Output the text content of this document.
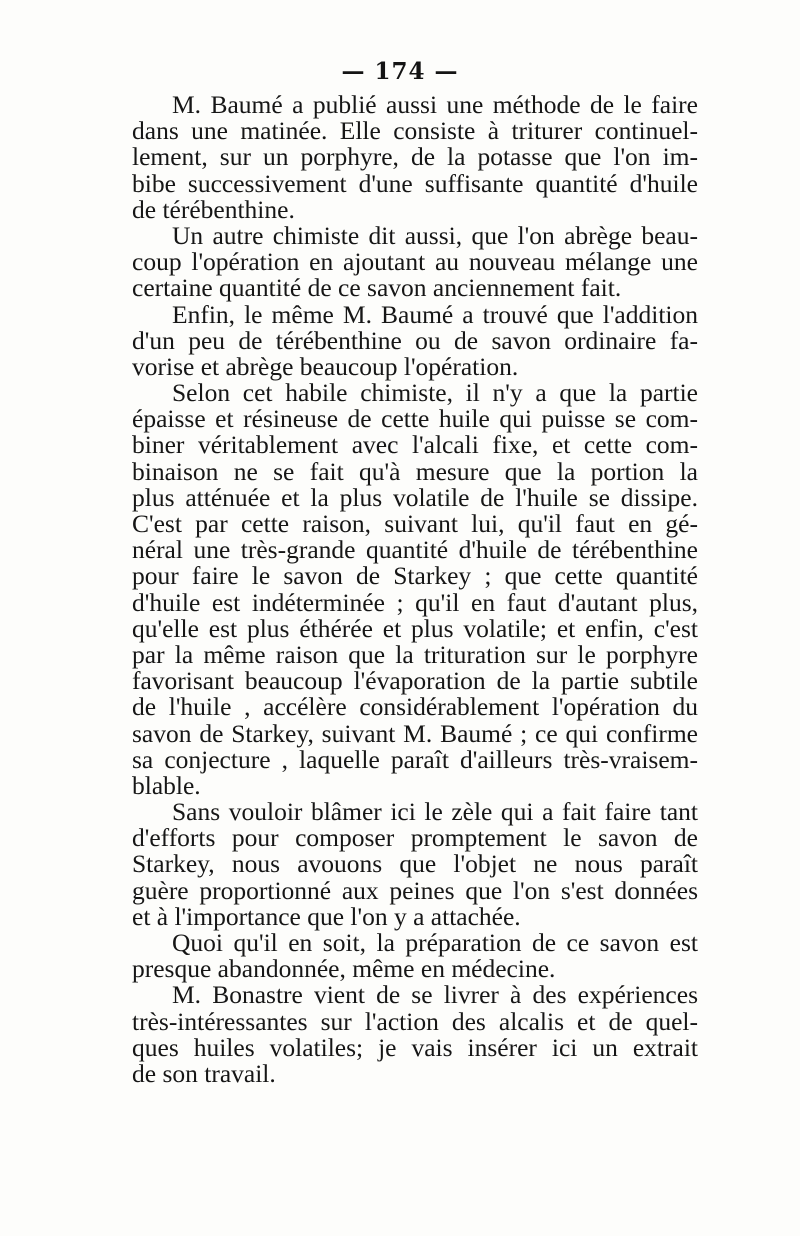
— 174 —
M. Baumé a publié aussi une méthode de le faire
dans une matinée. Elle consiste à triturer continuel-
lement, sur un porphyre, de la potasse que l'on im-
bibe successivement d'une suffisante quantité d'huile
de térébenthine.
Un autre chimiste dit aussi, que l'on abrège beau-
coup l'opération en ajoutant au nouveau mélange une
certaine quantité de ce savon anciennement fait.
Enfin, le même M. Baumé a trouvé que l'addition
d'un peu de térébenthine ou de savon ordinaire fa-
vorise et abrège beaucoup l'opération.
Selon cet habile chimiste, il n'y a que la partie
épaisse et résineuse de cette huile qui puisse se com-
biner véritablement avec l'alcali fixe, et cette com-
binaison ne se fait qu'à mesure que la portion la
plus atténuée et la plus volatile de l'huile se dissipe.
C'est par cette raison, suivant lui, qu'il faut en gé-
néral une très-grande quantité d'huile de térébenthine
pour faire le savon de Starkey ; que cette quantité
d'huile est indéterminée ; qu'il en faut d'autant plus,
qu'elle est plus éthérée et plus volatile; et enfin, c'est
par la même raison que la trituration sur le porphyre
favorisant beaucoup l'évaporation de la partie subtile
de l'huile , accélère considérablement l'opération du
savon de Starkey, suivant M. Baumé ; ce qui confirme
sa conjecture , laquelle paraît d'ailleurs très-vraisem-
blable.
Sans vouloir blâmer ici le zèle qui a fait faire tant
d'efforts pour composer promptement le savon de
Starkey, nous avouons que l'objet ne nous paraît
guère proportionné aux peines que l'on s'est données
et à l'importance que l'on y a attachée.
Quoi qu'il en soit, la préparation de ce savon est
presque abandonnée, même en médecine.
M. Bonastre vient de se livrer à des expériences
très-intéressantes sur l'action des alcalis et de quel-
ques huiles volatiles; je vais insérer ici un extrait
de son travail.
